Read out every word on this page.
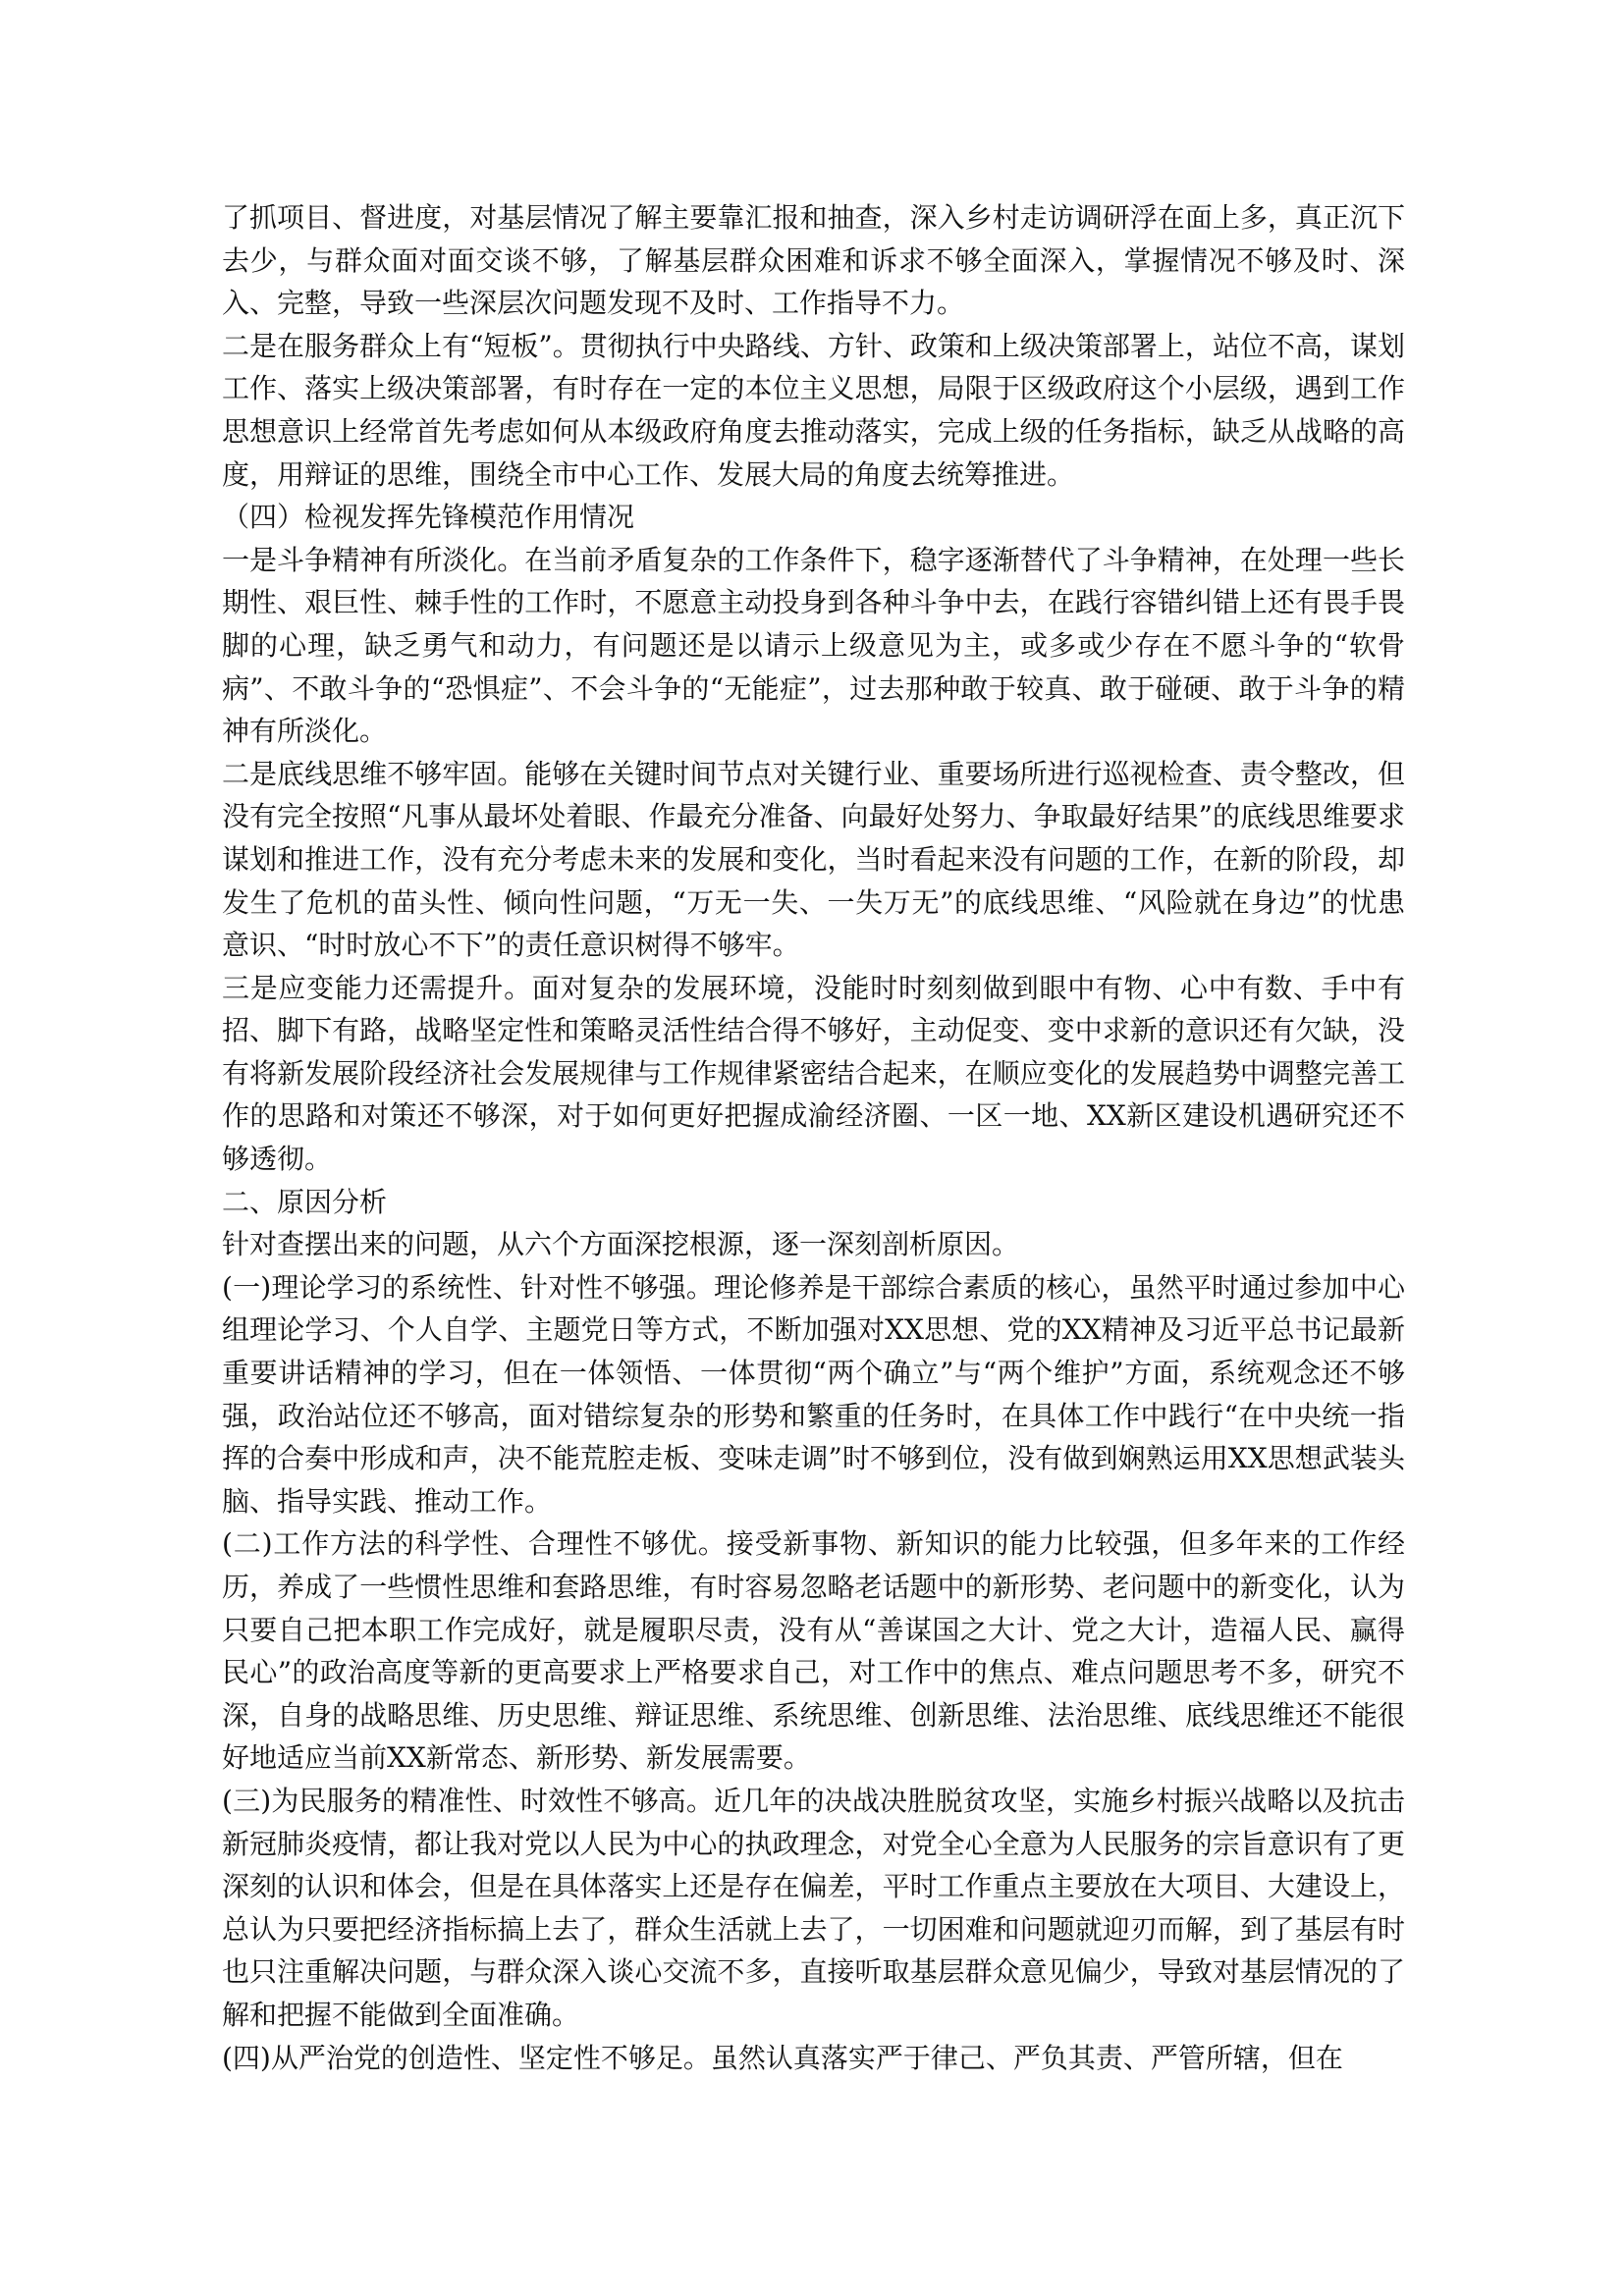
了抓项目、督进度，对基层情况了解主要靠汇报和抽查，深入乡村走访调研浮在面上多，真正沉下去少，与群众面对面交谈不够，了解基层群众困难和诉求不够全面深入，掌握情况不够及时、深入、完整，导致一些深层次问题发现不及时、工作指导不力。

二是在服务群众上有“短板”。贯彻执行中央路线、方针、政策和上级决策部署上，站位不高，谋划工作、落实上级决策部署，有时存在一定的本位主义思想，局限于区级政府这个小层级，遇到工作思想意识上经常首先考虑如何从本级政府角度去推动落实，完成上级的任务指标，缺乏从战略的高度，用辩证的思维，围绕全市中心工作、发展大局的角度去统筹推进。

（四）检视发挥先锋模范作用情况

一是斗争精神有所淡化。在当前矛盾复杂的工作条件下，稳字逐渐替代了斗争精神，在处理一些长期性、艰巨性、棘手性的工作时，不愿意主动投身到各种斗争中去，在践行容错纠错上还有畏手畏脚的心理，缺乏勇气和动力，有问题还是以请示上级意见为主，或多或少存在不愿斗争的“软骨病”、不敢斗争的“恐惧症”、不会斗争的“无能症”，过去那种敢于较真、敢于碰硬、敢于斗争的精神有所淡化。

二是底线思维不够牢固。能够在关键时间节点对关键行业、重要场所进行巡视检查、责令整改，但没有完全按照“凡事从最坏处着眼、作最充分准备、向最好处努力、争取最好结果”的底线思维要求谋划和推进工作，没有充分考虑未来的发展和变化，当时看起来没有问题的工作，在新的阶段，却发生了危机的苗头性、倾向性问题，“万无一失、一失万无”的底线思维、“风险就在身边”的忧患意识、“时时放心不下”的责任意识树得不够牢。

三是应变能力还需提升。面对复杂的发展环境，没能时时刻刻做到眼中有物、心中有数、手中有招、脚下有路，战略坚定性和策略灵活性结合得不够好，主动促变、变中求新的意识还有欠缺，没有将新发展阶段经济社会发展规律与工作规律紧密结合起来，在顺应变化的发展趋势中调整完善工作的思路和对策还不够深，对于如何更好把握成渝经济圈、一区一地、XX新区建设机遇研究还不够透彻。

二、原因分析

针对查摆出来的问题，从六个方面深挖根源，逐一深刻剖析原因。

(一)理论学习的系统性、针对性不够强。理论修养是干部综合素质的核心，虽然平时通过参加中心组理论学习、个人自学、主题党日等方式，不断加强对XX思想、党的XX精神及习近平总书记最新重要讲话精神的学习，但在一体领悟、一体贯彻“两个确立”与“两个维护”方面，系统观念还不够强，政治站位还不够高，面对错综复杂的形势和繁重的任务时，在具体工作中践行“在中央统一指挥的合奏中形成和声，决不能荒腔走板、变味走调”时不够到位，没有做到娴熟运用XX思想武装头脑、指导实践、推动工作。

(二)工作方法的科学性、合理性不够优。接受新事物、新知识的能力比较强，但多年来的工作经历，养成了一些惯性思维和套路思维，有时容易忽略老话题中的新形势、老问题中的新变化，认为只要自己把本职工作完成好，就是履职尽责，没有从“善谋国之大计、党之大计，造福人民、赢得民心”的政治高度等新的更高要求上严格要求自己，对工作中的焦点、难点问题思考不多，研究不深，自身的战略思维、历史思维、辩证思维、系统思维、创新思维、法治思维、底线思维还不能很好地适应当前XX新常态、新形势、新发展需要。

(三)为民服务的精准性、时效性不够高。近几年的决战决胜脱贫攻坚，实施乡村振兴战略以及抗击新冠肺炎疫情，都让我对党以人民为中心的执政理念，对党全心全意为人民服务的宗旨意识有了更深刻的认识和体会，但是在具体落实上还是存在偏差，平时工作重点主要放在大项目、大建设上，总认为只要把经济指标搞上去了，群众生活就上去了，一切困难和问题就迎刃而解，到了基层有时也只注重解决问题，与群众深入谈心交流不多，直接听取基层群众意见偏少，导致对基层情况的了解和把握不能做到全面准确。

(四)从严治党的创造性、坚定性不够足。虽然认真落实严于律己、严负其责、严管所辖，但在
